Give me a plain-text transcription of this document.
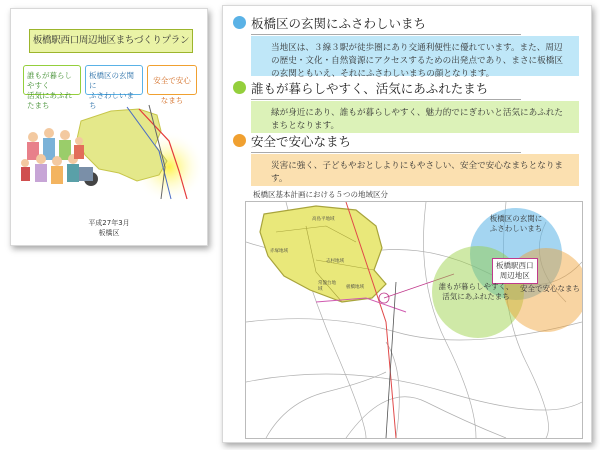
板橋駅西口周辺地区まちづくりプラン
誰もが暮らしやすく
活気にあふれたまち
板橋区の玄関に
ふさわしいまち
安全で安心なまち
平成27年3月
板橋区
板橋区の玄関にふさわしいまち
当地区は、３線３駅が徒歩圏にあり交通利便性に優れています。また、周辺の歴史・文化・自然資源にアクセスするための出発点であり、まさに板橋区の玄関ともいえ、それにふさわしいまちの顔となります。
誰もが暮らしやすく、活気にあふれたまち
緑が身近にあり、誰もが暮らしやすく、魅力的でにぎわいと活気にあふれたまちとなります。
安全で安心なまち
災害に強く、子どもやおとしよりにもやさしい、安全で安心なまちとなります。
板橋区基本計画における５つの地域区分
高島平地域
赤塚地域
志村地域
常盤台地域	板橋地域
板橋区の玄関に
ふさわしいまち
板橋駅西口
周辺地区
誰もが暮らしやすく、
活気にあふれたまち
安全で安心なまち
